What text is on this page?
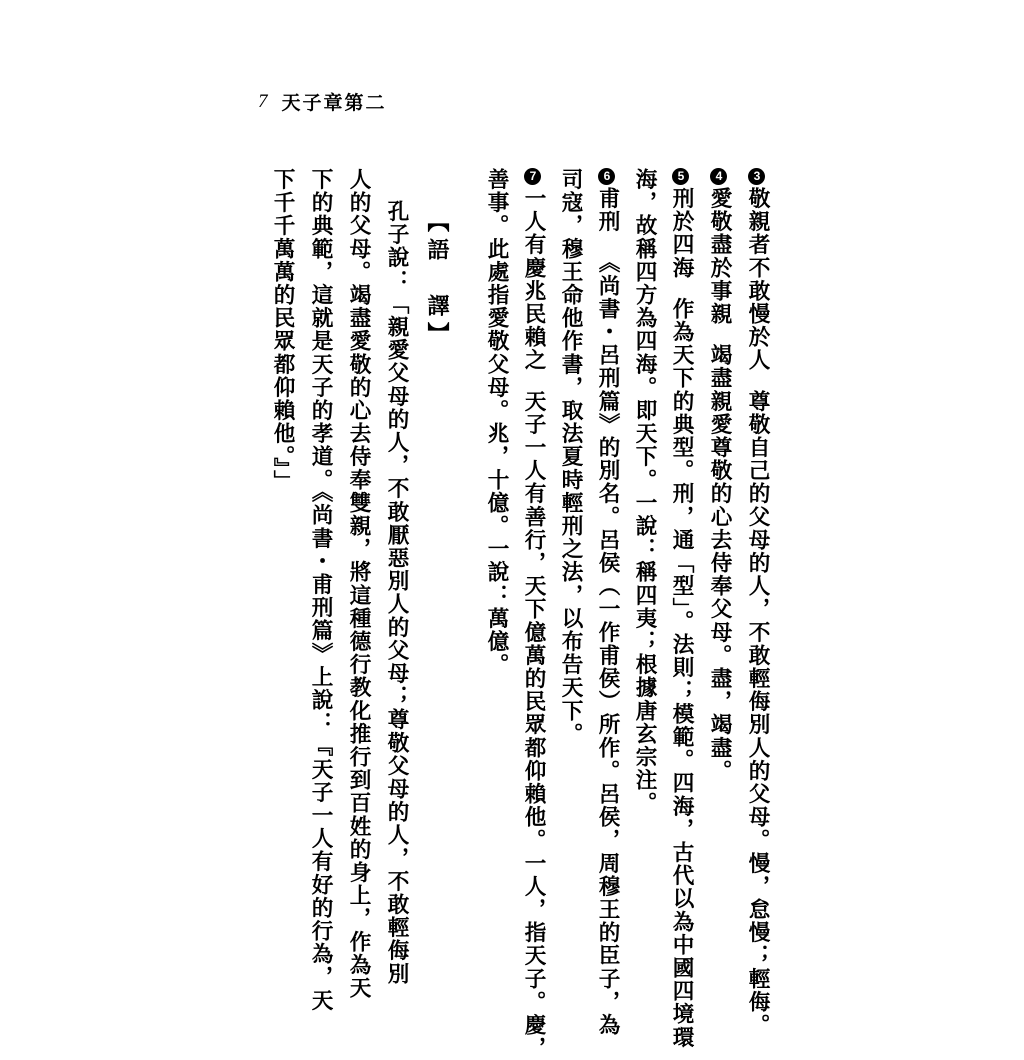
7 天子章第二
3敬親者不敢慢於人尊敬自己的父母的人，不敢輕侮別人的父母。慢，怠慢；輕侮。
4愛敬盡於事親竭盡親愛尊敬的心去侍奉父母。盡，竭盡。
5刑於四海作為天下的典型。刑，通「型」。法則；模範。四海，古代以為中國四境環
海，故稱四方為四海。即天下。一說：稱四夷；根據唐玄宗注。
6甫刑《尚書・呂刑篇》的別名。呂侯（一作甫侯）所作。呂侯，周穆王的臣子，為
司寇，穆王命他作書，取法夏時輕刑之法，以布告天下。
7一人有慶兆民賴之天子一人有善行，天下億萬的民眾都仰賴他。一人，指天子。慶，
善事。此處指愛敬父母。兆，十億。一說：萬億。
【語　譯】
孔子說：「親愛父母的人，不敢厭惡別人的父母；尊敬父母的人，不敢輕侮別
人的父母。竭盡愛敬的心去侍奉雙親，將這種德行教化推行到百姓的身上，作為天
下的典範，這就是天子的孝道。《尚書・甫刑篇》上說：『天子一人有好的行為，天
下千千萬萬的民眾都仰賴他。』」
